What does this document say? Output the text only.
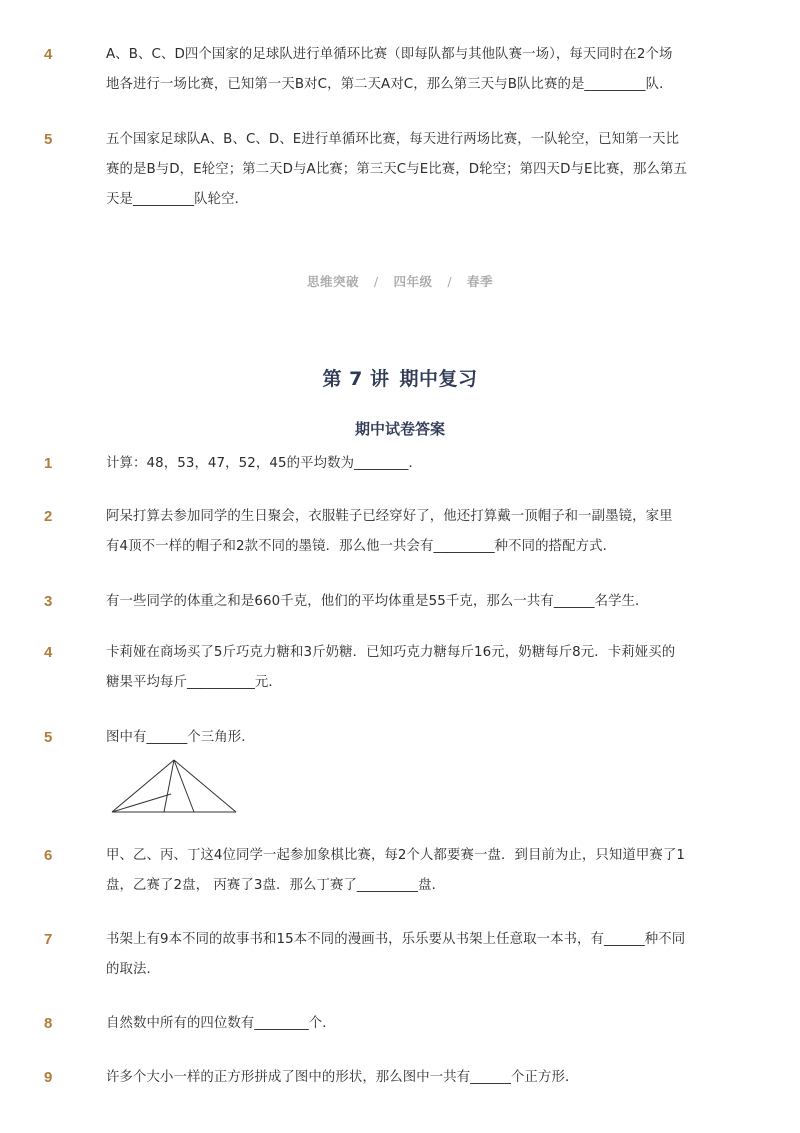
4	A、B、C、D四个国家的足球队进行单循环比赛（即每队都与其他队赛一场），每天同时在2个场
地各进行一场比赛，已知第一天B对C，第二天A对C，那么第三天与B队比赛的是_________队．
5	五个国家足球队A、B、C、D、E进行单循环比赛，每天进行两场比赛，一队轮空，已知第一天比
赛的是B与D，E轮空；第二天D与A比赛；第三天C与E比赛，D轮空；第四天D与E比赛，那么第五
天是_________队轮空．
思维突破 / 四年级 / 春季
第 7 讲 期中复习
期中试卷答案
1	计算：48，53，47，52，45的平均数为________．
2	阿呆打算去参加同学的生日聚会，衣服鞋子已经穿好了，他还打算戴一顶帽子和一副墨镜，家里
有4顶不一样的帽子和2款不同的墨镜．那么他一共会有_________种不同的搭配方式．
3	有一些同学的体重之和是660千克，他们的平均体重是55千克，那么一共有______名学生．
4	卡莉娅在商场买了5斤巧克力糖和3斤奶糖．已知巧克力糖每斤16元，奶糖每斤8元．卡莉娅买的
糖果平均每斤__________元．
5	图中有______个三角形．
6	甲、乙、丙、丁这4位同学一起参加象棋比赛，每2个人都要赛一盘．到目前为止，只知道甲赛了1
盘，乙赛了2盘， 丙赛了3盘．那么丁赛了_________盘．
7	书架上有9本不同的故事书和15本不同的漫画书，乐乐要从书架上任意取一本书，有______种不同
的取法．
8	自然数中所有的四位数有________个．
9	许多个大小一样的正方形拼成了图中的形状，那么图中一共有______个正方形．
